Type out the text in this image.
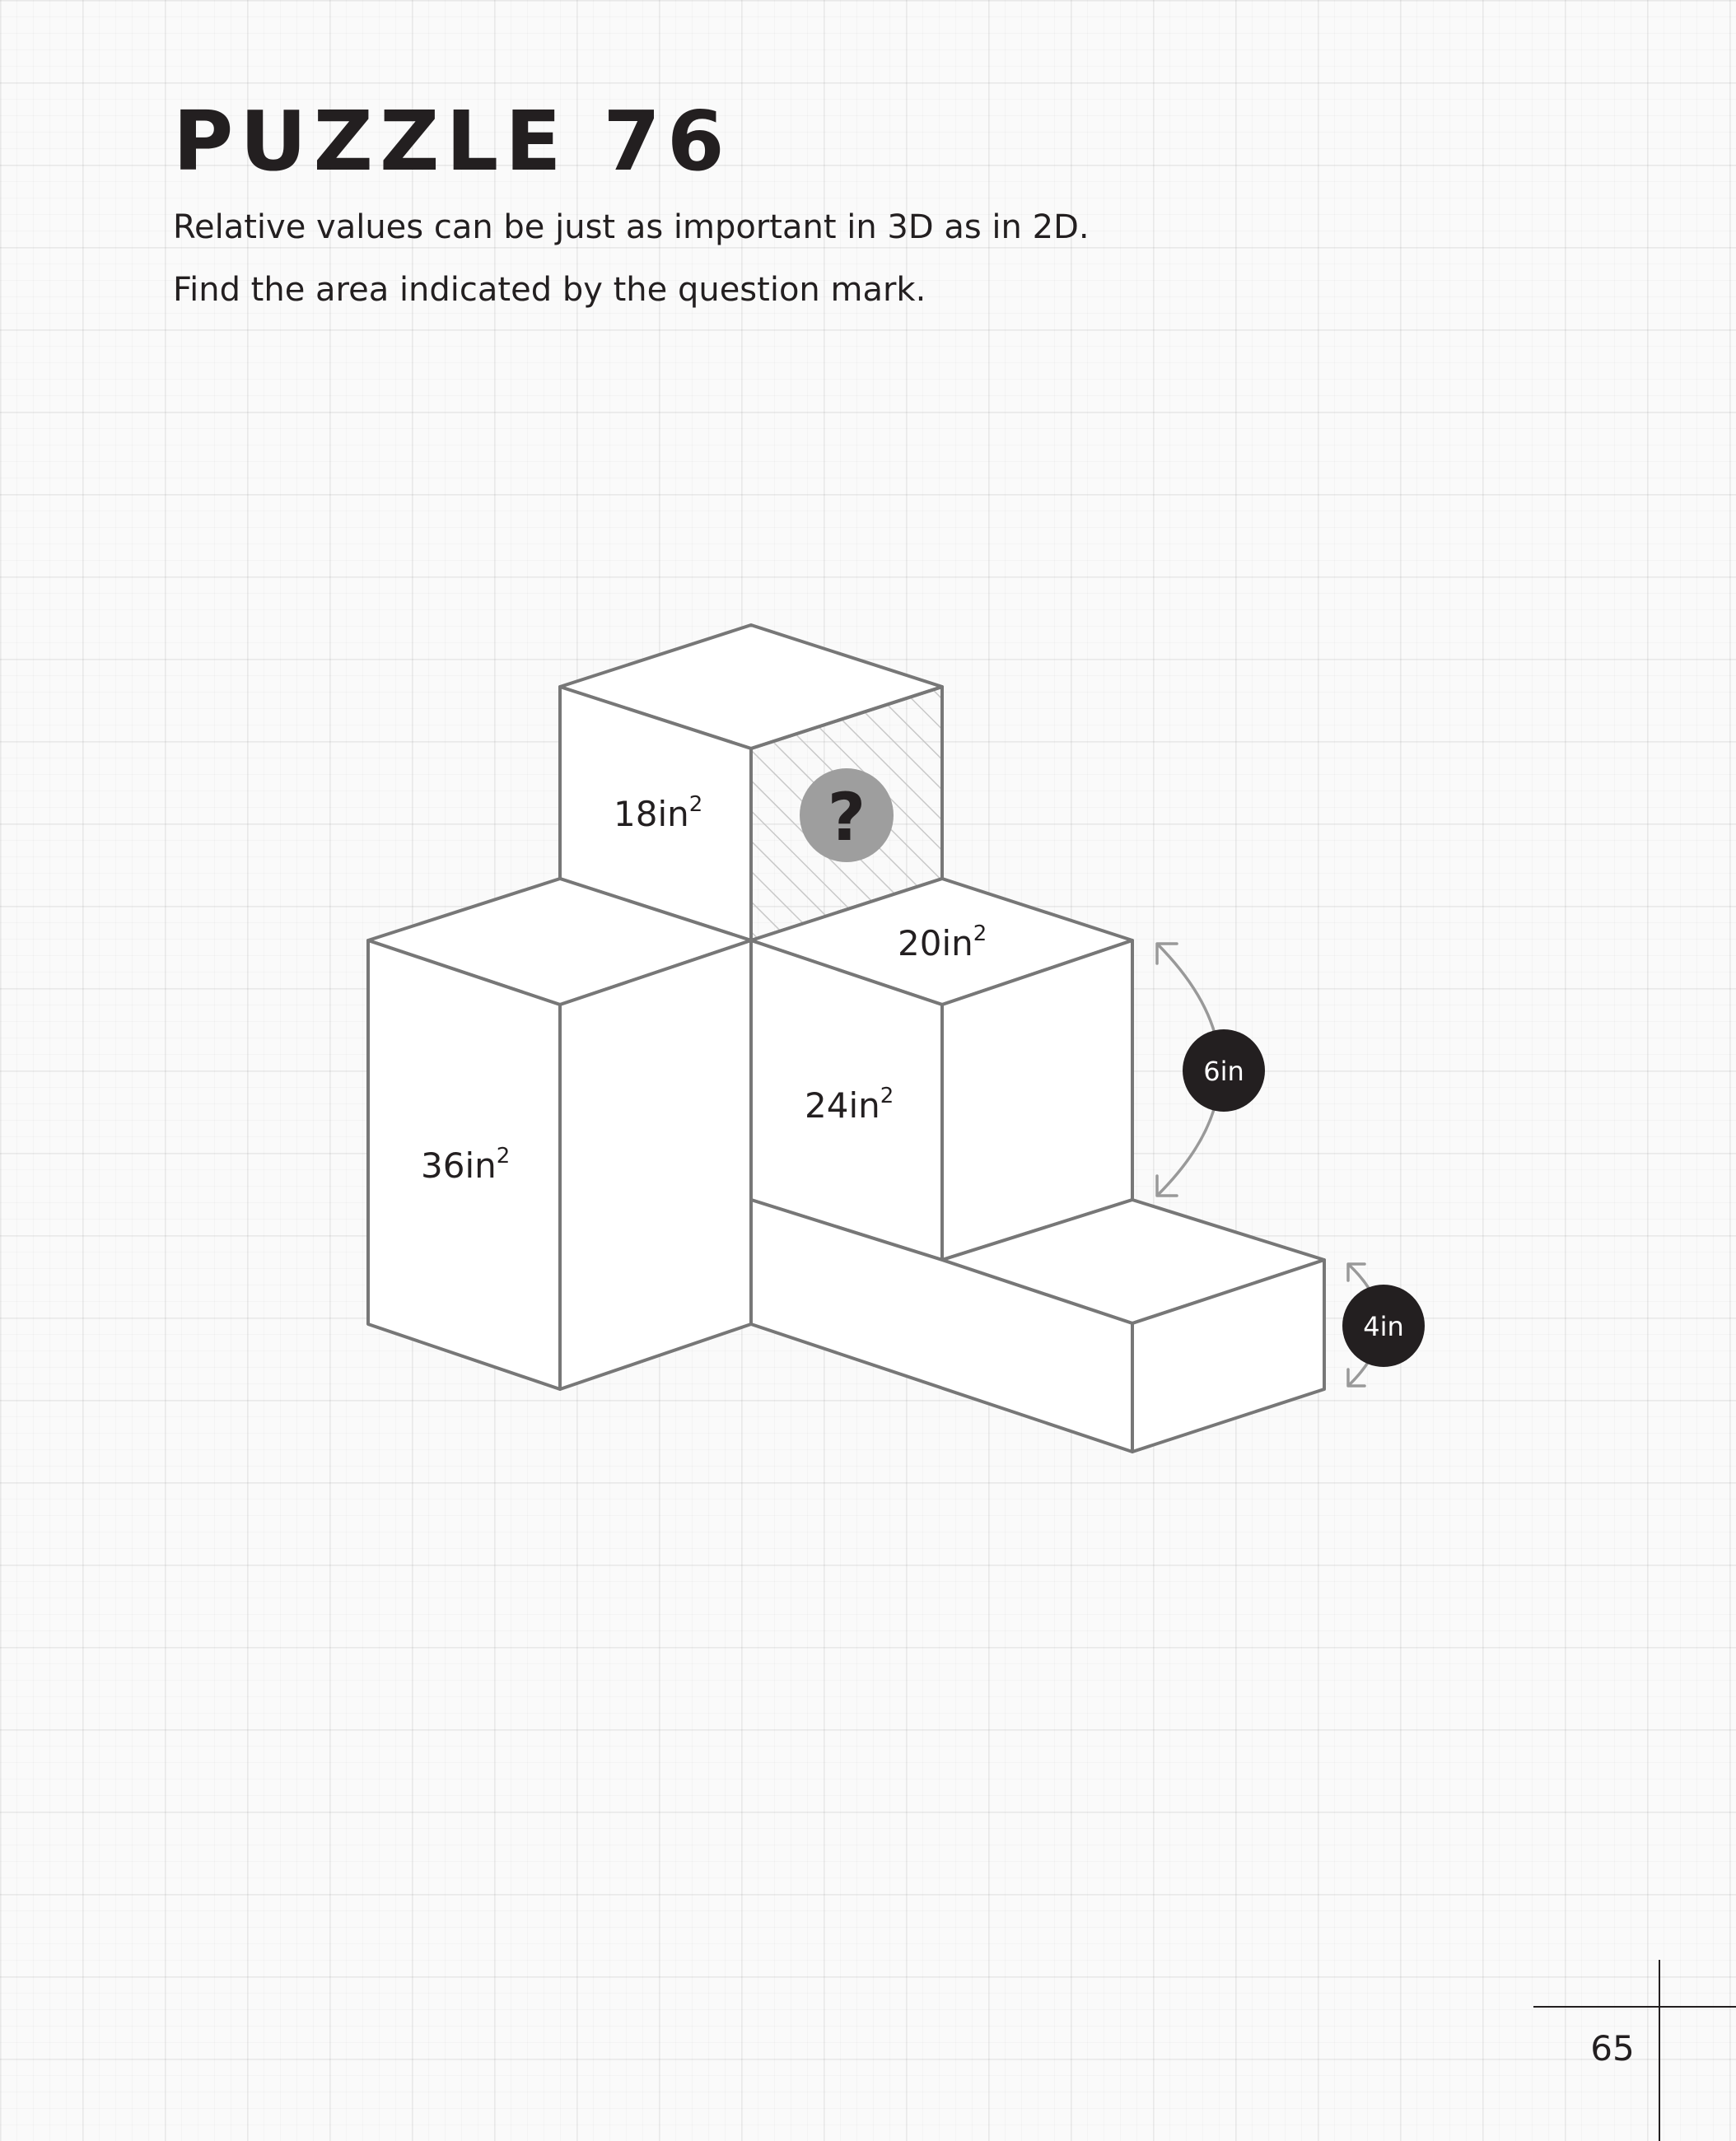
PUZZLE 76

Relative values can be just as important in 3D as in 2D.

Find the area indicated by the question mark.

$18in^2$
$20in^2$
$24in^2$
$36in^2$
?
6in
4in
65
